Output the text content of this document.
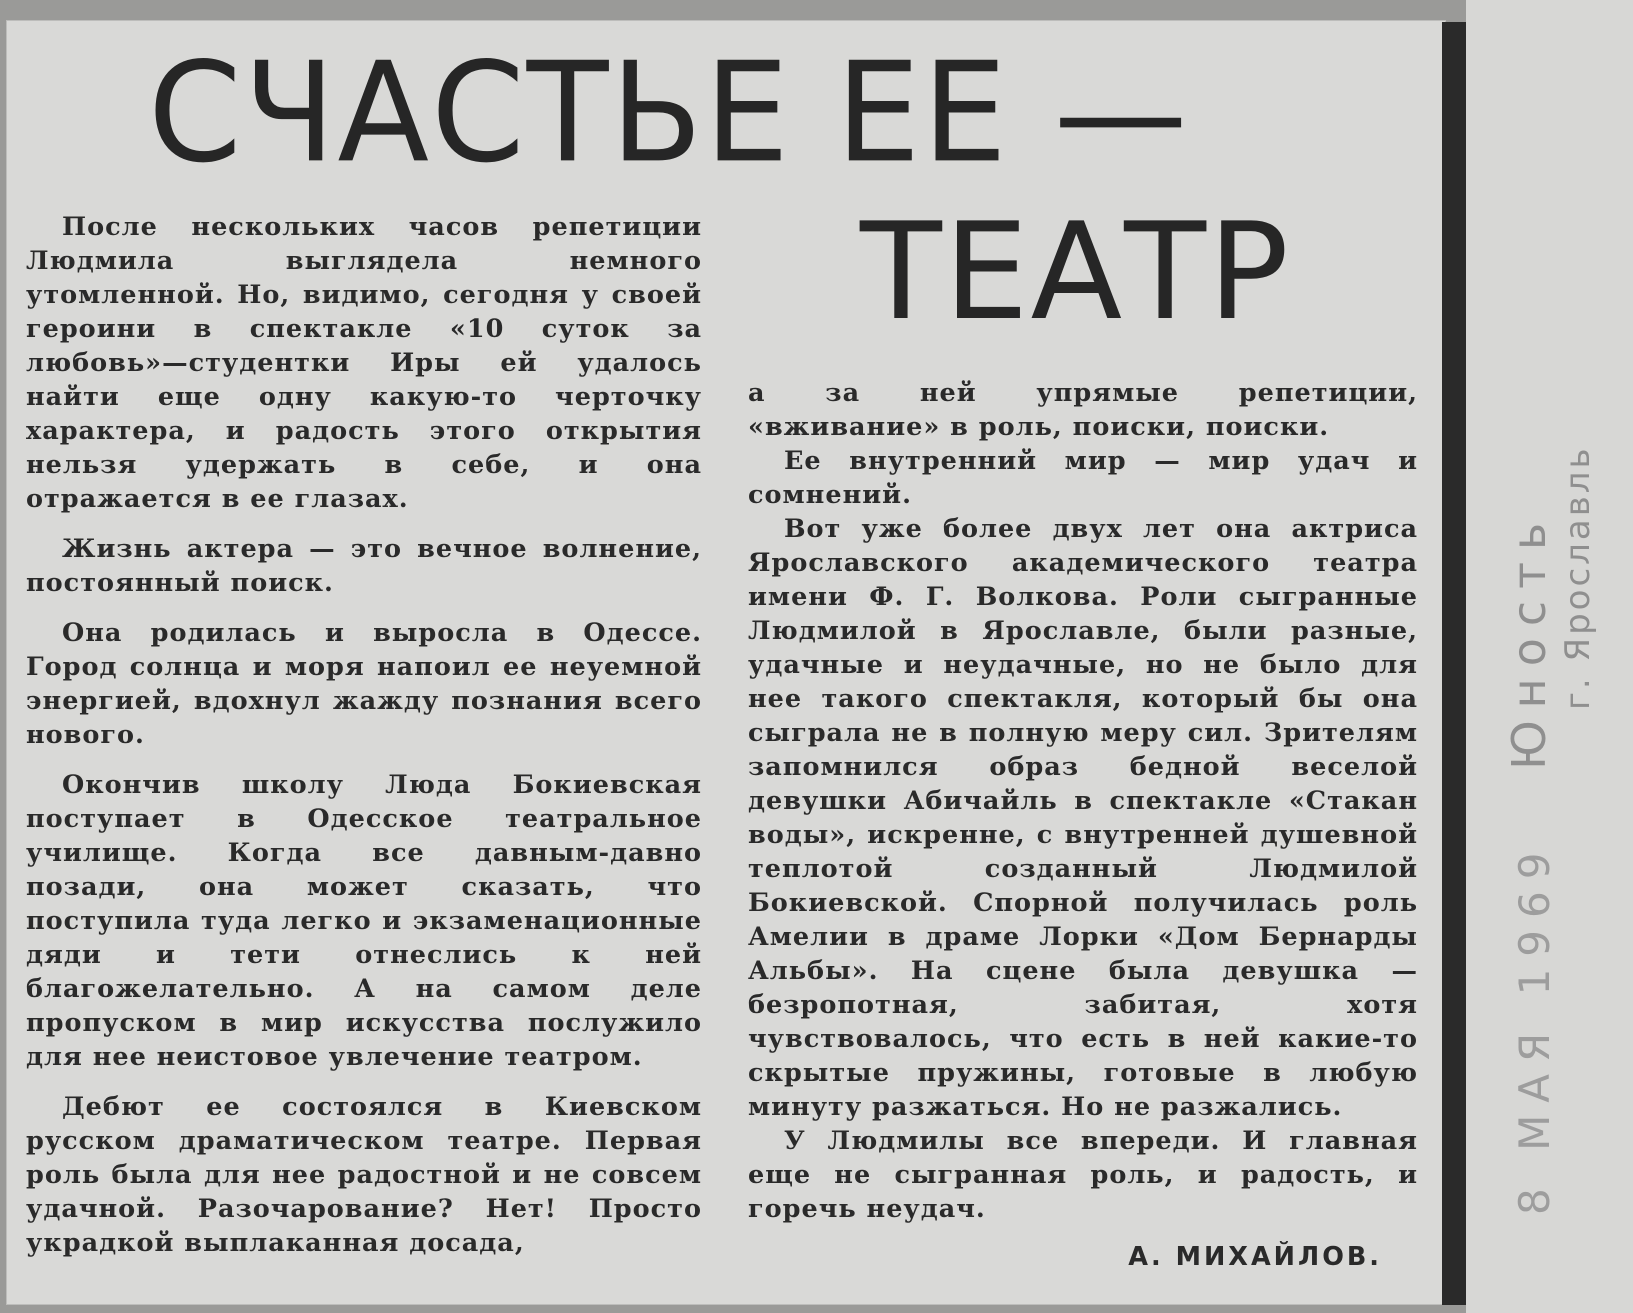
СЧАСТЬЕ ЕЕ —
ТЕАТР

После нескольких часов репетиции Людмила выглядела немного утомленной. Но, видимо, сегодня у своей героини в спектакле «10 суток за любовь»—студентки Иры ей удалось найти еще одну какую-то черточку характера, и радость этого открытия нельзя удержать в себе, и она отражается в ее глазах.

Жизнь актера — это вечное волнение, постоянный поиск.

Она родилась и выросла в Одессе. Город солнца и моря напоил ее неуемной энергией, вдохнул жажду познания всего нового.

Окончив школу Люда Бокиевская поступает в Одесское театральное училище. Когда все давным-давно позади, она может сказать, что поступила туда легко и экзаменационные дяди и тети отнеслись к ней благожелательно. А на самом деле пропуском в мир искусства послужило для нее неистовое увлечение театром.

Дебют ее состоялся в Киевском русском драматическом театре. Первая роль была для нее радостной и не совсем удачной. Разочарование? Нет! Просто украдкой выплаканная досада,

а за ней упрямые репетиции, «вживание» в роль, поиски, поиски.

Ее внутренний мир — мир удач и сомнений.

Вот уже более двух лет она актриса Ярославского академического театра имени Ф. Г. Волкова. Роли сыгранные Людмилой в Ярославле, были разные, удачные и неудачные, но не было для нее такого спектакля, который бы она сыграла не в полную меру сил. Зрителям запомнился образ бедной веселой девушки Абичайль в спектакле «Стакан воды», искренне, с внутренней душевной теплотой созданный Людмилой Бокиевской. Спорной получилась роль Амелии в драме Лорки «Дом Бернарды Альбы». На сцене была девушка — безропотная, забитая, хотя чувствовалось, что есть в ней какие-то скрытые пружины, готовые в любую минуту разжаться. Но не разжались.

У Людмилы все впереди. И главная еще не сыгранная роль, и радость, и горечь неудач.

А. МИХАЙЛОВ.

Юность г. Ярославль
8 МАЯ 1969
